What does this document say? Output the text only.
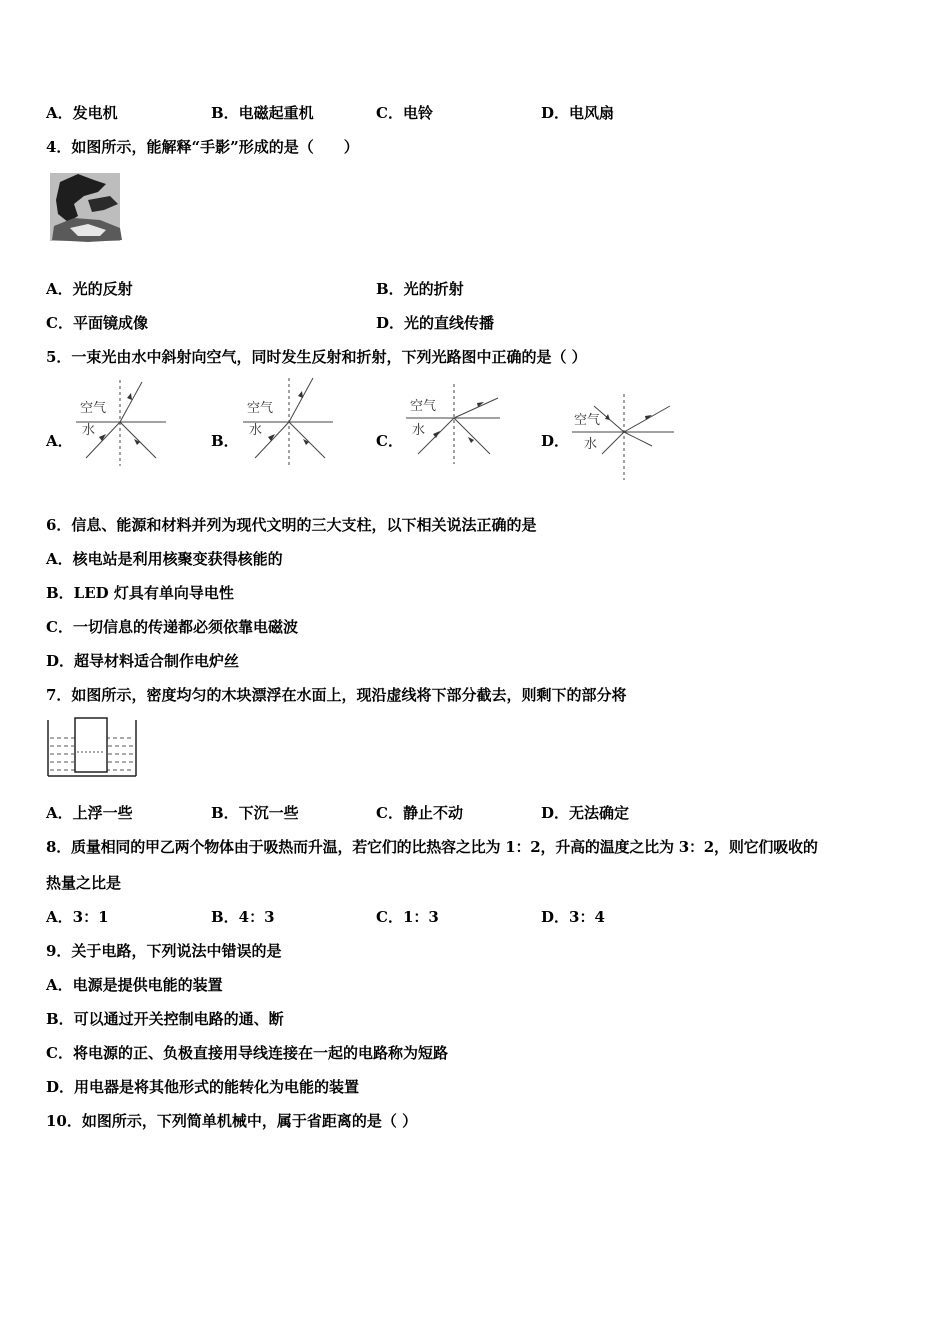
A．发电机	B．电磁起重机	C．电铃	D．电风扇
4．如图所示，能解释“手影”形成的是（　　）
A．光的反射	B．光的折射
C．平面镜成像	D．光的直线传播
5．一束光由水中斜射向空气，同时发生反射和折射，下列光路图中正确的是（ ）
A．
空气
水
B．
空气
水
C．
空气
水
D．
空气
水
6．信息、能源和材料并列为现代文明的三大支柱，以下相关说法正确的是
A．核电站是利用核聚变获得核能的
B．LED 灯具有单向导电性
C．一切信息的传递都必须依靠电磁波
D．超导材料适合制作电炉丝
7．如图所示，密度均匀的木块漂浮在水面上，现沿虚线将下部分截去，则剩下的部分将
A．上浮一些	B．下沉一些	C．静止不动	D．无法确定
8．质量相同的甲乙两个物体由于吸热而升温，若它们的比热容之比为 1：2，升高的温度之比为 3：2，则它们吸收的
热量之比是
A．3：1	B．4：3	C．1：3	D．3：4
9．关于电路，下列说法中错误的是
A．电源是提供电能的装置
B．可以通过开关控制电路的通、断
C．将电源的正、负极直接用导线连接在一起的电路称为短路
D．用电器是将其他形式的能转化为电能的装置
10．如图所示，下列简单机械中，属于省距离的是（ ）
